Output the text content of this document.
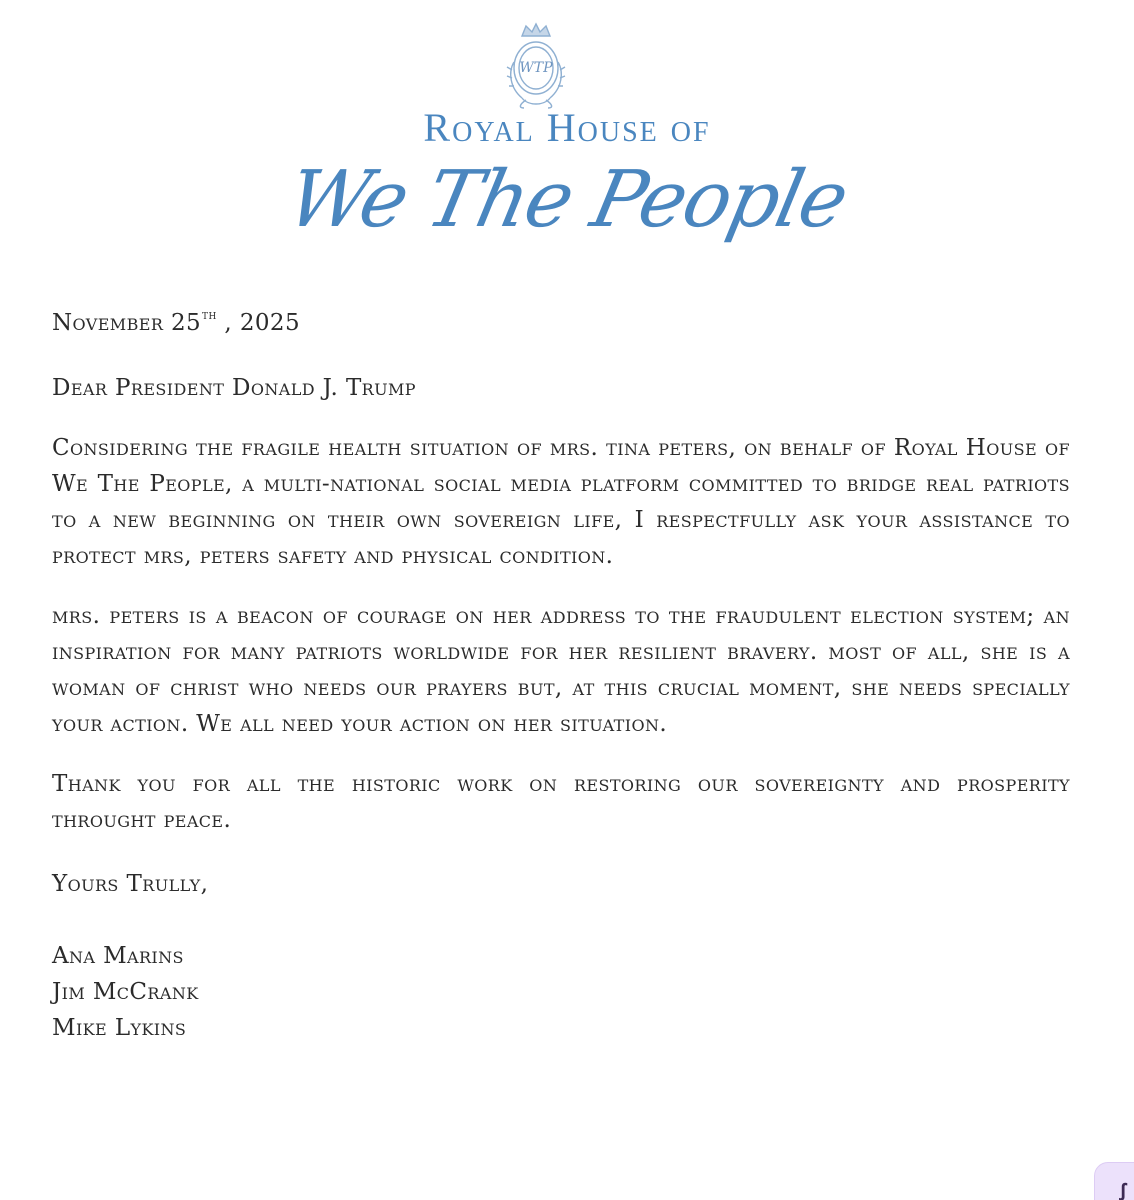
WTP
Royal House of
We The People

November 25th , 2025

Dear President Donald J. Trump

Considering the fragile health situation of mrs. tina peters, on behalf of Royal House of We The People, a multi-national social media platform committed to bridge real patriots to a new beginning on their own sovereign life, I respectfully ask your assistance to protect mrs, peters safety and physical condition.

mrs. peters is a beacon of courage on her address to the fraudulent election system; an inspiration for many patriots worldwide for her resilient bravery. most of all, she is a woman of christ who needs our prayers but, at this crucial moment, she needs specially your action. We all need your action on her situation.

Thank you for all the historic work on restoring our sovereignty and prosperity throught peace.

Yours Trully,

Ana Marins
Jim McCrank
Mike Lykins
ꭍ
